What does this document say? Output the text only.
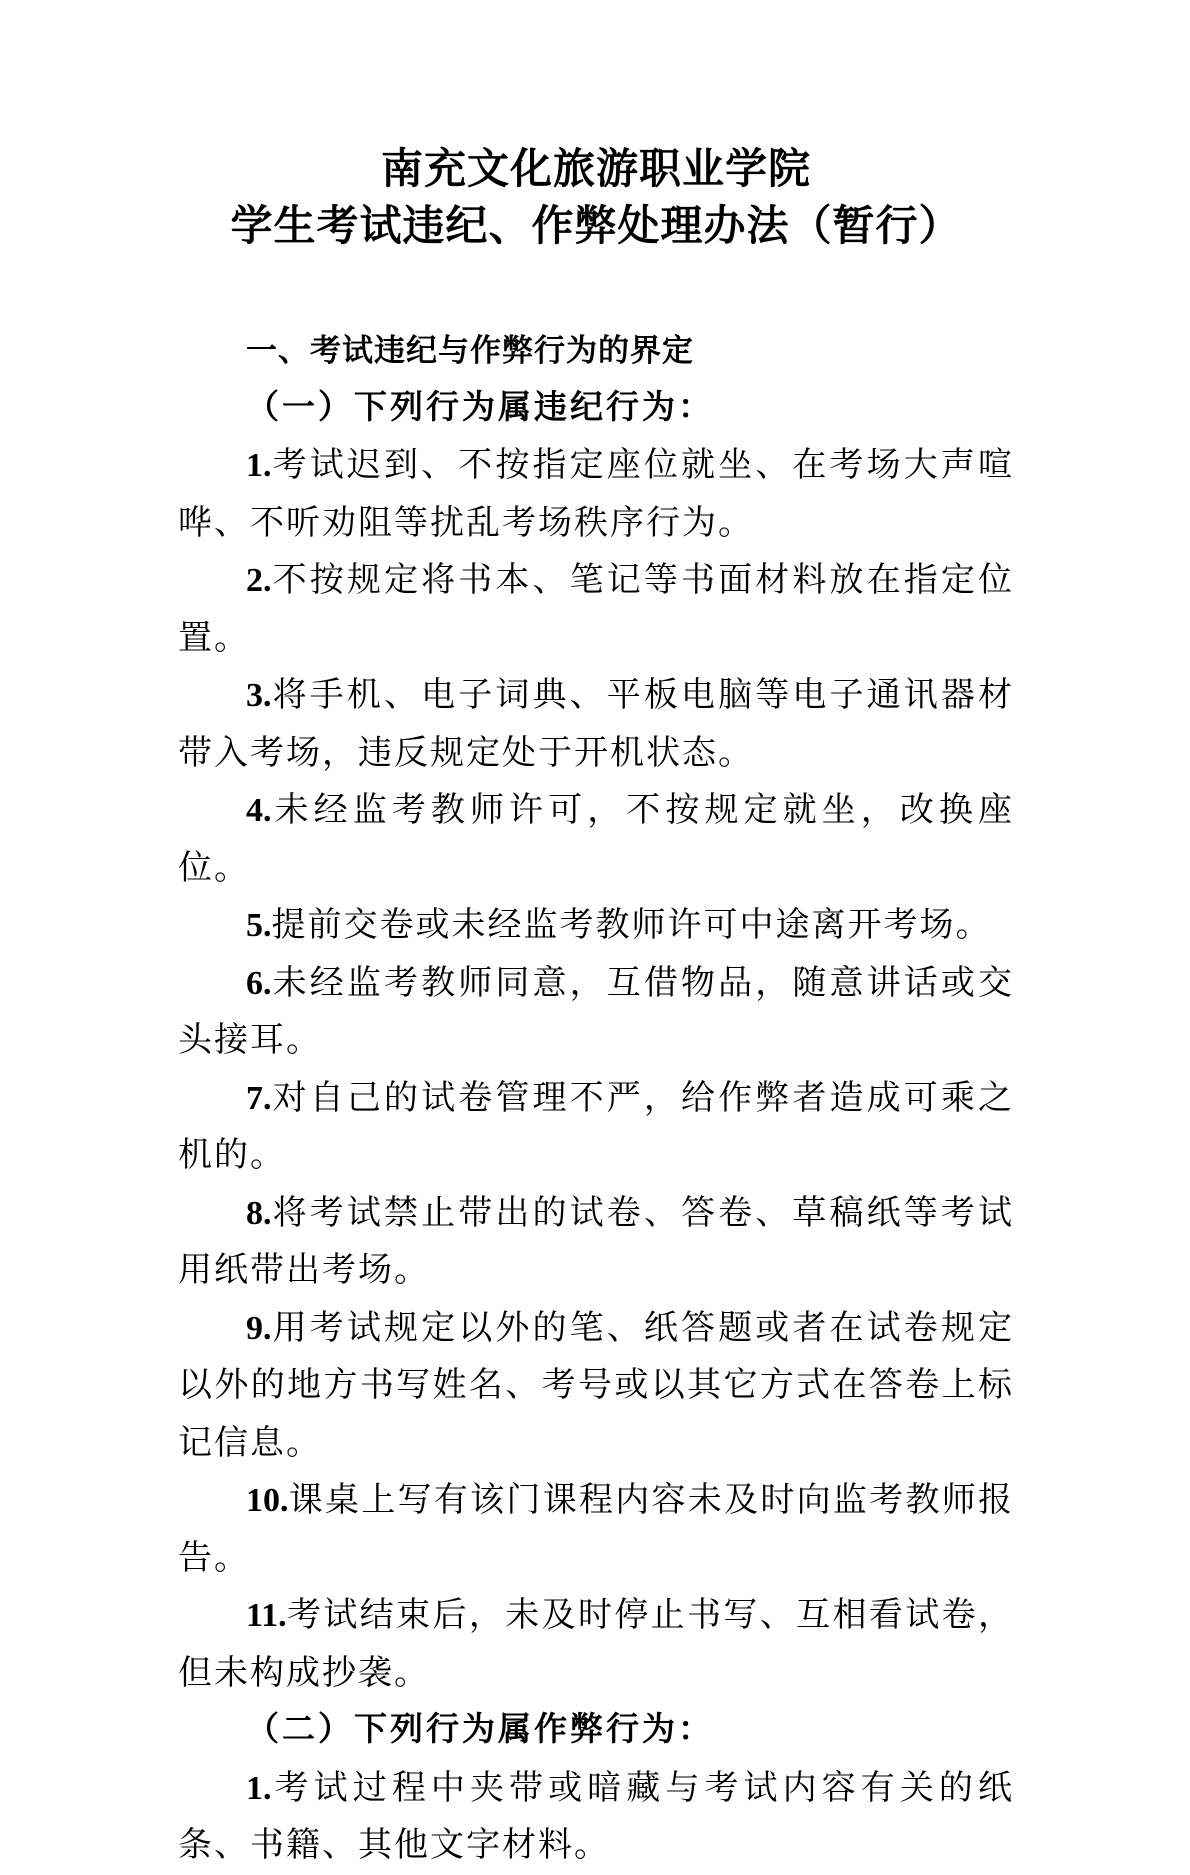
南充文化旅游职业学院
学生考试违纪、作弊处理办法（暂行）
一、考试违纪与作弊行为的界定
（一）下列行为属违纪行为：

1.考试迟到、不按指定座位就坐、在考场大声喧哗、不听劝阻等扰乱考场秩序行为。

2.不按规定将书本、笔记等书面材料放在指定位置。

3.将手机、电子词典、平板电脑等电子通讯器材带入考场，违反规定处于开机状态。

4.未经监考教师许可，不按规定就坐，改换座位。

5.提前交卷或未经监考教师许可中途离开考场。

6.未经监考教师同意，互借物品，随意讲话或交头接耳。

7.对自己的试卷管理不严，给作弊者造成可乘之机的。

8.将考试禁止带出的试卷、答卷、草稿纸等考试用纸带出考场。

9.用考试规定以外的笔、纸答题或者在试卷规定以外的地方书写姓名、考号或以其它方式在答卷上标记信息。

10.课桌上写有该门课程内容未及时向监考教师报告。

11.考试结束后，未及时停止书写、互相看试卷，但未构成抄袭。

（二）下列行为属作弊行为：

1.考试过程中夹带或暗藏与考试内容有关的纸条、书籍、其他文字材料。
